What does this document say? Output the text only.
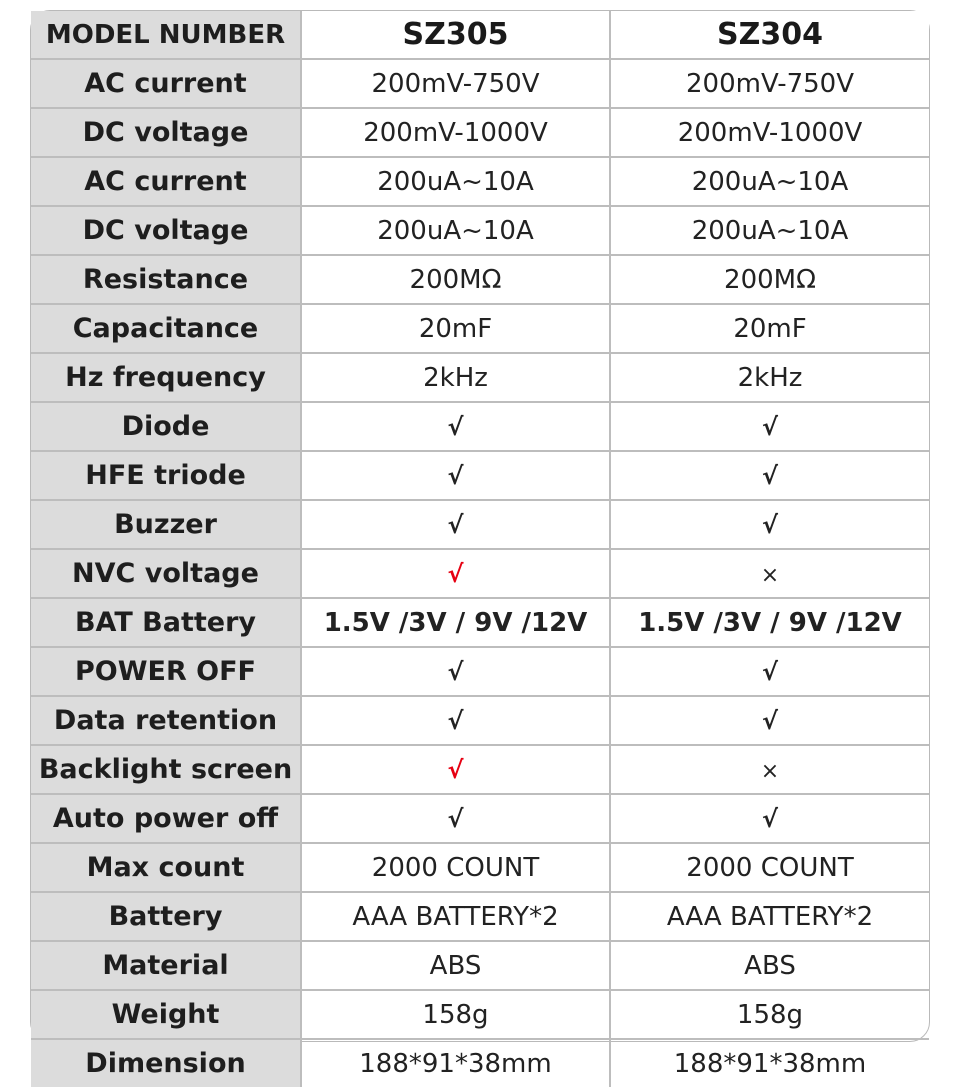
MODEL NUMBER	SZ305	SZ304
AC current	200mV-750V	200mV-750V
DC voltage	200mV-1000V	200mV-1000V
AC current	200uA~10A	200uA~10A
DC voltage	200uA~10A	200uA~10A
Resistance	200MΩ	200MΩ
Capacitance	20mF	20mF
Hz frequency	2kHz	2kHz
Diode	√	√
HFE triode	√	√
Buzzer	√	√
NVC voltage	√	×
BAT Battery	1.5V /3V / 9V /12V	1.5V /3V / 9V /12V
POWER OFF	√	√
Data retention	√	√
Backlight screen	√	×
Auto power off	√	√
Max count	2000 COUNT	2000 COUNT
Battery	AAA BATTERY*2	AAA BATTERY*2
Material	ABS	ABS
Weight	158g	158g
Dimension	188*91*38mm	188*91*38mm
